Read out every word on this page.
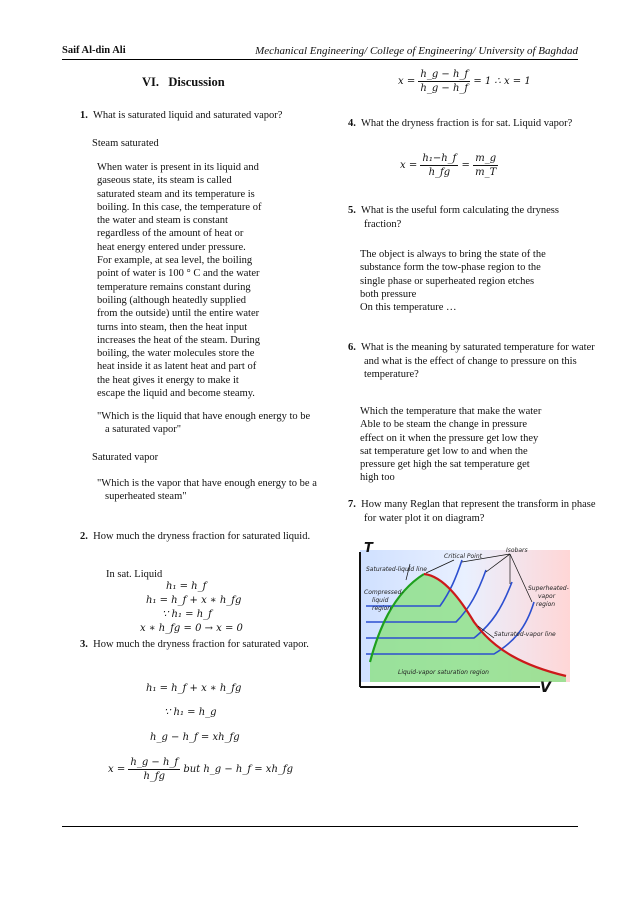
Saif Al-din Ali	Mechanical Engineering/ College of Engineering/ University of Baghdad
VI.   Discussion
1. What is saturated liquid and saturated vapor?
Steam saturated
When water is present in its liquid and
gaseous state, its steam is called
saturated steam and its temperature is
boiling. In this case, the temperature of
the water and steam is constant
regardless of the amount of heat or
heat energy entered under pressure.
For example, at sea level, the boiling
point of water is 100 ° C and the water
temperature remains constant during
boiling (although heatedly supplied
from the outside) until the entire water
turns into steam, then the heat input
increases the heat of the steam. During
boiling, the water molecules store the
heat inside it as latent heat and part of
the heat gives it energy to make it
escape the liquid and become steamy.
"Which is the liquid that have enough energy to be a saturated vapor"
Saturated vapor
"Which is the vapor that have enough energy to be a superheated steam"
2. How much the dryness fraction for saturated liquid.
In sat. Liquid
h₁ = h_f
h₁ = h_f + x ∗ h_fg
∵ h₁ = h_f
x ∗ h_fg = 0 → x = 0
3. How much the dryness fraction for saturated vapor.
h₁ = h_f + x ∗ h_fg
∵ h₁ = h_g
h_g − h_f = xh_fg
$x = \frac{h\_g - h\_f}{h\_fg}$ but h_g − h_f = xh_fg
$x = \frac{h\_g - h\_f}{h\_g - h\_f} = 1$ ∴ x = 1
4. What the dryness fraction is for sat. Liquid vapor?
$x = \frac{\text{h₁−h\_f}}{h\_fg} = \frac{m\_g}{m\_T}$
5. What is the useful form calculating the dryness fraction?
The object is always to bring the state of the
substance form the tow-phase region to the
single phase or superheated region etches
both pressure
On this temperature …
6. What is the meaning by saturated temperature for water and what is the effect of change to pressure on this temperature?
Which the temperature that make the water
Able to be steam the change in pressure
effect on it when the pressure get low they
sat temperature get low to and when the
pressure get high the sat temperature get
high too
7. How many Reglan that represent the transform in phase for water plot it on diagram?
T
V
Saturated-liquid line
Critical Point
Isobars
Compressed-
liquid
region
Superheated-
vapor
region
Saturated-vapor line
Liquid-vapor saturation region
